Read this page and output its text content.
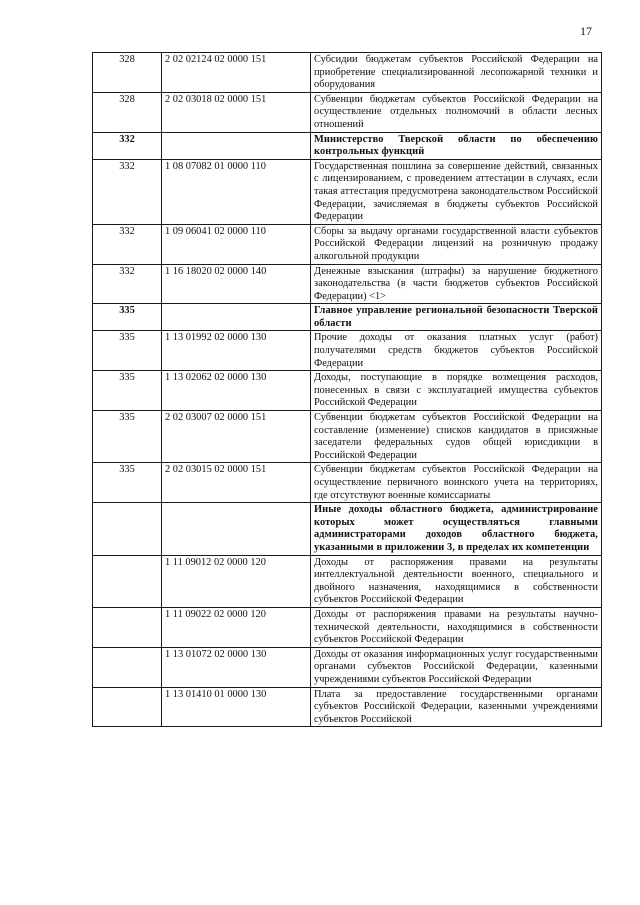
17
328	2 02 02124 02 0000 151	Субсидии бюджетам субъектов Российской Федерации на приобретение специализированной лесопожарной техники и оборудования
328	2 02 03018 02 0000 151	Субвенции бюджетам субъектов Российской Федерации на осуществление отдельных полномочий в области лесных отношений
332		Министерство Тверской области по обеспечению контрольных функций
332	1 08 07082 01 0000 110	Государственная пошлина за совершение действий, связанных с лицензированием, с проведением аттестации в случаях, если такая аттестация предусмотрена законодательством Российской Федерации, зачисляемая в бюджеты субъектов Российской Федерации
332	1 09 06041 02 0000 110	Сборы за выдачу органами государственной власти субъектов Российской Федерации лицензий на розничную продажу алкогольной продукции
332	1 16 18020 02 0000 140	Денежные взыскания (штрафы) за нарушение бюджетного законодательства (в части бюджетов субъектов Российской Федерации) <1>
335		Главное управление региональной безопасности Тверской области
335	1 13 01992 02 0000 130	Прочие доходы от оказания платных услуг (работ) получателями средств бюджетов субъектов Российской Федерации
335	1 13 02062 02 0000 130	Доходы, поступающие в порядке возмещения расходов, понесенных в связи с эксплуатацией имущества субъектов Российской Федерации
335	2 02 03007 02 0000 151	Субвенции бюджетам субъектов Российской Федерации на составление (изменение) списков кандидатов в присяжные заседатели федеральных судов общей юрисдикции в Российской Федерации
335	2 02 03015 02 0000 151	Субвенции бюджетам субъектов Российской Федерации на осуществление первичного воинского учета на территориях, где отсутствуют военные комиссариаты
		Иные доходы областного бюджета, администрирование которых может осуществляться главными администраторами доходов областного бюджета, указанными в приложении 3, в пределах их компетенции
	1 11 09012 02 0000 120	Доходы от распоряжения правами на результаты интеллектуальной деятельности военного, специального и двойного назначения, находящимися в собственности субъектов Российской Федерации
	1 11 09022 02 0000 120	Доходы от распоряжения правами на результаты научно-технической деятельности, находящимися в собственности субъектов Российской Федерации
	1 13 01072 02 0000 130	Доходы от оказания информационных услуг государственными органами субъектов Российской Федерации, казенными учреждениями субъектов Российской Федерации
	1 13 01410 01 0000 130	Плата за предоставление государственными органами субъектов Российской Федерации, казенными учреждениями субъектов Российской
